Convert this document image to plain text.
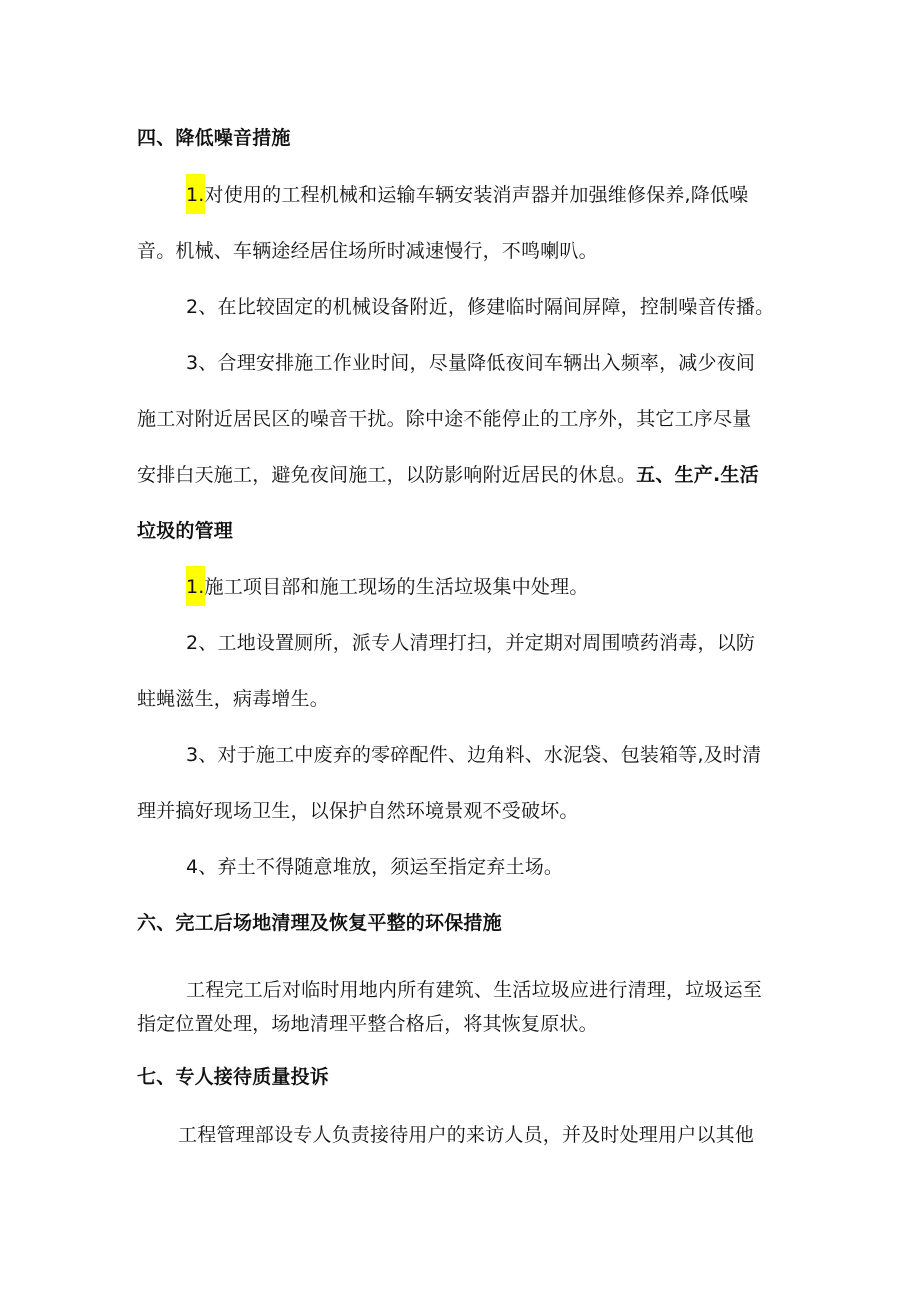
四、降低噪音措施
1.对使用的工程机械和运输车辆安装消声器并加强维修保养,降低噪
音。机械、车辆途经居住场所时减速慢行，不鸣喇叭。
2、在比较固定的机械设备附近，修建临时隔间屏障，控制噪音传播。
3、合理安排施工作业时间，尽量降低夜间车辆出入频率，减少夜间
施工对附近居民区的噪音干扰。除中途不能停止的工序外，其它工序尽量
安排白天施工，避免夜间施工，以防影响附近居民的休息。五、生产.生活
垃圾的管理
1.施工项目部和施工现场的生活垃圾集中处理。
2、工地设置厕所，派专人清理打扫，并定期对周围喷药消毒，以防
蛀蝇滋生，病毒增生。
3、对于施工中废弃的零碎配件、边角料、水泥袋、包装箱等,及时清
理并搞好现场卫生，以保护自然环境景观不受破坏。
4、弃土不得随意堆放，须运至指定弃土场。
六、完工后场地清理及恢复平整的环保措施
工程完工后对临时用地内所有建筑、生活垃圾应进行清理，垃圾运至
指定位置处理，场地清理平整合格后，将其恢复原状。
七、专人接待质量投诉
工程管理部设专人负责接待用户的来访人员，并及时处理用户以其他
